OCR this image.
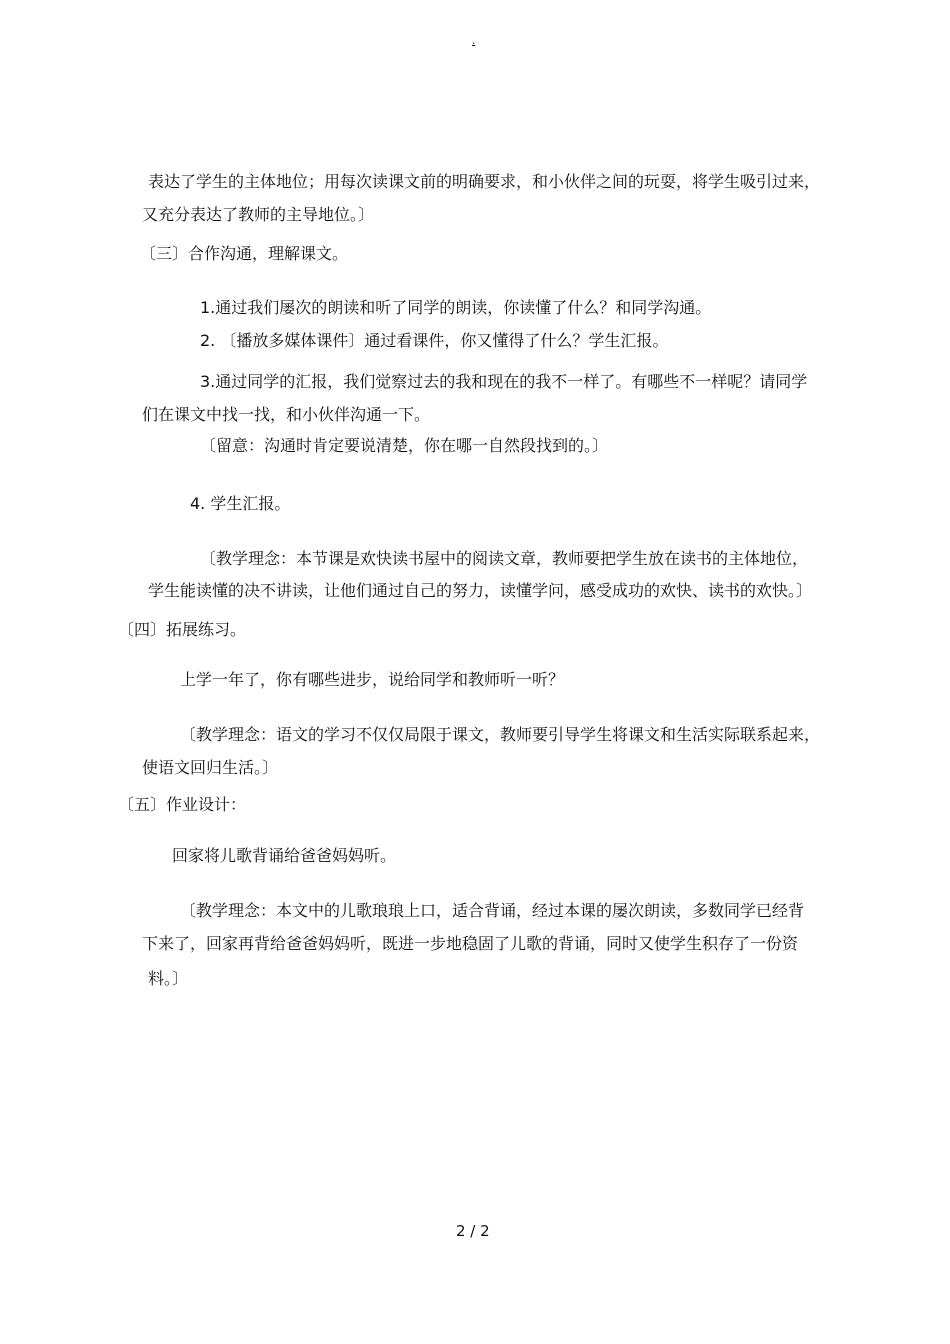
.
表达了学生的主体地位；用每次读课文前的明确要求，和小伙伴之间的玩耍，将学生吸引过来，
又充分表达了教师的主导地位。〕
〔三〕合作沟通，理解课文。
1.通过我们屡次的朗读和听了同学的朗读，你读懂了什么？和同学沟通。
2. 〔播放多媒体课件〕通过看课件，你又懂得了什么？学生汇报。
3.通过同学的汇报，我们觉察过去的我和现在的我不一样了。有哪些不一样呢？请同学
们在课文中找一找，和小伙伴沟通一下。
〔留意：沟通时肯定要说清楚，你在哪一自然段找到的。〕
4. 学生汇报。
〔教学理念：本节课是欢快读书屋中的阅读文章，教师要把学生放在读书的主体地位，
学生能读懂的决不讲读，让他们通过自己的努力，读懂学问，感受成功的欢快、读书的欢快。〕
〔四〕拓展练习。
上学一年了，你有哪些进步，说给同学和教师听一听？
〔教学理念：语文的学习不仅仅局限于课文，教师要引导学生将课文和生活实际联系起来，
使语文回归生活。〕
〔五〕作业设计：
回家将儿歌背诵给爸爸妈妈听。
〔教学理念：本文中的儿歌琅琅上口，适合背诵，经过本课的屡次朗读，多数同学已经背
下来了，回家再背给爸爸妈妈听，既进一步地稳固了儿歌的背诵，同时又使学生积存了一份资
料。〕
2 / 2
